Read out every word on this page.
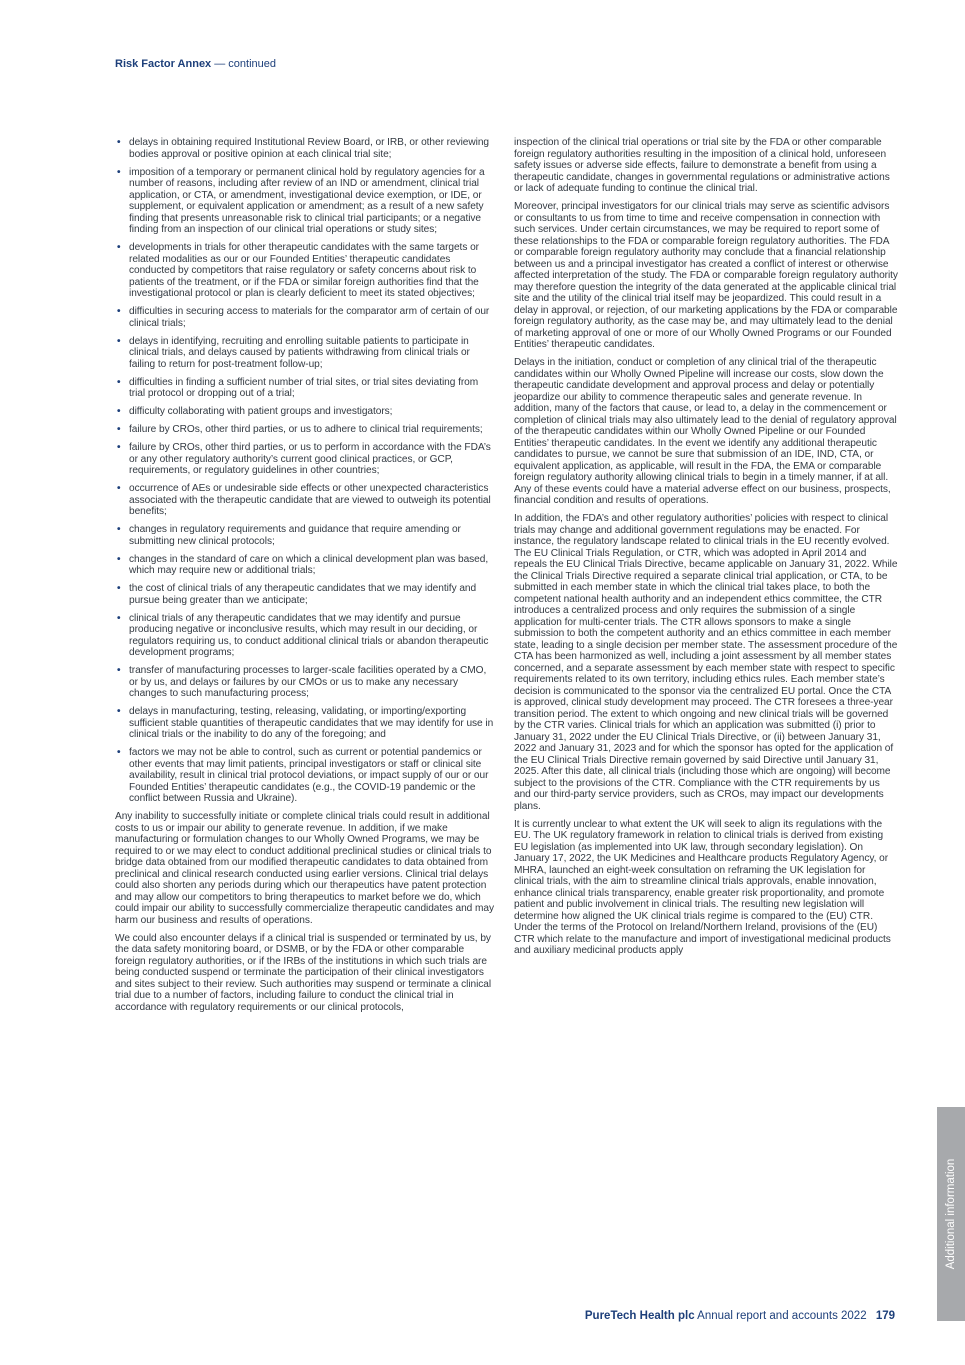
Risk Factor Annex — continued
• delays in obtaining required Institutional Review Board, or IRB, or other reviewing bodies approval or positive opinion at each clinical trial site;
• imposition of a temporary or permanent clinical hold by regulatory agencies for a number of reasons, including after review of an IND or amendment, clinical trial application, or CTA, or amendment, investigational device exemption, or IDE, or supplement, or equivalent application or amendment; as a result of a new safety finding that presents unreasonable risk to clinical trial participants; or a negative finding from an inspection of our clinical trial operations or study sites;
• developments in trials for other therapeutic candidates with the same targets or related modalities as our or our Founded Entities’ therapeutic candidates conducted by competitors that raise regulatory or safety concerns about risk to patients of the treatment, or if the FDA or similar foreign authorities find that the investigational protocol or plan is clearly deficient to meet its stated objectives;
• difficulties in securing access to materials for the comparator arm of certain of our clinical trials;
• delays in identifying, recruiting and enrolling suitable patients to participate in clinical trials, and delays caused by patients withdrawing from clinical trials or failing to return for post-treatment follow-up;
• difficulties in finding a sufficient number of trial sites, or trial sites deviating from trial protocol or dropping out of a trial;
• difficulty collaborating with patient groups and investigators;
• failure by CROs, other third parties, or us to adhere to clinical trial requirements;
• failure by CROs, other third parties, or us to perform in accordance with the FDA’s or any other regulatory authority’s current good clinical practices, or GCP, requirements, or regulatory guidelines in other countries;
• occurrence of AEs or undesirable side effects or other unexpected characteristics associated with the therapeutic candidate that are viewed to outweigh its potential benefits;
• changes in regulatory requirements and guidance that require amending or submitting new clinical protocols;
• changes in the standard of care on which a clinical development plan was based, which may require new or additional trials;
• the cost of clinical trials of any therapeutic candidates that we may identify and pursue being greater than we anticipate;
• clinical trials of any therapeutic candidates that we may identify and pursue producing negative or inconclusive results, which may result in our deciding, or regulators requiring us, to conduct additional clinical trials or abandon therapeutic development programs;
• transfer of manufacturing processes to larger-scale facilities operated by a CMO, or by us, and delays or failures by our CMOs or us to make any necessary changes to such manufacturing process;
• delays in manufacturing, testing, releasing, validating, or importing/exporting sufficient stable quantities of therapeutic candidates that we may identify for use in clinical trials or the inability to do any of the foregoing; and
• factors we may not be able to control, such as current or potential pandemics or other events that may limit patients, principal investigators or staff or clinical site availability, result in clinical trial protocol deviations, or impact supply of our or our Founded Entities’ therapeutic candidates (e.g., the COVID-19 pandemic or the conflict between Russia and Ukraine).

Any inability to successfully initiate or complete clinical trials could result in additional costs to us or impair our ability to generate revenue. In addition, if we make manufacturing or formulation changes to our Wholly Owned Programs, we may be required to or we may elect to conduct additional preclinical studies or clinical trials to bridge data obtained from our modified therapeutic candidates to data obtained from preclinical and clinical research conducted using earlier versions. Clinical trial delays could also shorten any periods during which our therapeutics have patent protection and may allow our competitors to bring therapeutics to market before we do, which could impair our ability to successfully commercialize therapeutic candidates and may harm our business and results of operations.

We could also encounter delays if a clinical trial is suspended or terminated by us, by the data safety monitoring board, or DSMB, or by the FDA or other comparable foreign regulatory authorities, or if the IRBs of the institutions in which such trials are being conducted suspend or terminate the participation of their clinical investigators and sites subject to their review. Such authorities may suspend or terminate a clinical trial due to a number of factors, including failure to conduct the clinical trial in accordance with regulatory requirements or our clinical protocols,

inspection of the clinical trial operations or trial site by the FDA or other comparable foreign regulatory authorities resulting in the imposition of a clinical hold, unforeseen safety issues or adverse side effects, failure to demonstrate a benefit from using a therapeutic candidate, changes in governmental regulations or administrative actions or lack of adequate funding to continue the clinical trial.

Moreover, principal investigators for our clinical trials may serve as scientific advisors or consultants to us from time to time and receive compensation in connection with such services. Under certain circumstances, we may be required to report some of these relationships to the FDA or comparable foreign regulatory authorities. The FDA or comparable foreign regulatory authority may conclude that a financial relationship between us and a principal investigator has created a conflict of interest or otherwise affected interpretation of the study. The FDA or comparable foreign regulatory authority may therefore question the integrity of the data generated at the applicable clinical trial site and the utility of the clinical trial itself may be jeopardized. This could result in a delay in approval, or rejection, of our marketing applications by the FDA or comparable foreign regulatory authority, as the case may be, and may ultimately lead to the denial of marketing approval of one or more of our Wholly Owned Programs or our Founded Entities’ therapeutic candidates.

Delays in the initiation, conduct or completion of any clinical trial of the therapeutic candidates within our Wholly Owned Pipeline will increase our costs, slow down the therapeutic candidate development and approval process and delay or potentially jeopardize our ability to commence therapeutic sales and generate revenue. In addition, many of the factors that cause, or lead to, a delay in the commencement or completion of clinical trials may also ultimately lead to the denial of regulatory approval of the therapeutic candidates within our Wholly Owned Pipeline or our Founded Entities’ therapeutic candidates. In the event we identify any additional therapeutic candidates to pursue, we cannot be sure that submission of an IDE, IND, CTA, or equivalent application, as applicable, will result in the FDA, the EMA or comparable foreign regulatory authority allowing clinical trials to begin in a timely manner, if at all. Any of these events could have a material adverse effect on our business, prospects, financial condition and results of operations.

In addition, the FDA’s and other regulatory authorities’ policies with respect to clinical trials may change and additional government regulations may be enacted. For instance, the regulatory landscape related to clinical trials in the EU recently evolved. The EU Clinical Trials Regulation, or CTR, which was adopted in April 2014 and repeals the EU Clinical Trials Directive, became applicable on January 31, 2022. While the Clinical Trials Directive required a separate clinical trial application, or CTA, to be submitted in each member state in which the clinical trial takes place, to both the competent national health authority and an independent ethics committee, the CTR introduces a centralized process and only requires the submission of a single application for multi-center trials. The CTR allows sponsors to make a single submission to both the competent authority and an ethics committee in each member state, leading to a single decision per member state. The assessment procedure of the CTA has been harmonized as well, including a joint assessment by all member states concerned, and a separate assessment by each member state with respect to specific requirements related to its own territory, including ethics rules. Each member state’s decision is communicated to the sponsor via the centralized EU portal. Once the CTA is approved, clinical study development may proceed. The CTR foresees a three-year transition period. The extent to which ongoing and new clinical trials will be governed by the CTR varies. Clinical trials for which an application was submitted (i) prior to January 31, 2022 under the EU Clinical Trials Directive, or (ii) between January 31, 2022 and January 31, 2023 and for which the sponsor has opted for the application of the EU Clinical Trials Directive remain governed by said Directive until January 31, 2025. After this date, all clinical trials (including those which are ongoing) will become subject to the provisions of the CTR. Compliance with the CTR requirements by us and our third-party service providers, such as CROs, may impact our developments plans.

It is currently unclear to what extent the UK will seek to align its regulations with the EU. The UK regulatory framework in relation to clinical trials is derived from existing EU legislation (as implemented into UK law, through secondary legislation). On January 17, 2022, the UK Medicines and Healthcare products Regulatory Agency, or MHRA, launched an eight-week consultation on reframing the UK legislation for clinical trials, with the aim to streamline clinical trials approvals, enable innovation, enhance clinical trials transparency, enable greater risk proportionality, and promote patient and public involvement in clinical trials. The resulting new legislation will determine how aligned the UK clinical trials regime is compared to the (EU) CTR. Under the terms of the Protocol on Ireland/Northern Ireland, provisions of the (EU) CTR which relate to the manufacture and import of investigational medicinal products and auxiliary medicinal products apply

Additional information
PureTech Health plc Annual report and accounts 2022 179
